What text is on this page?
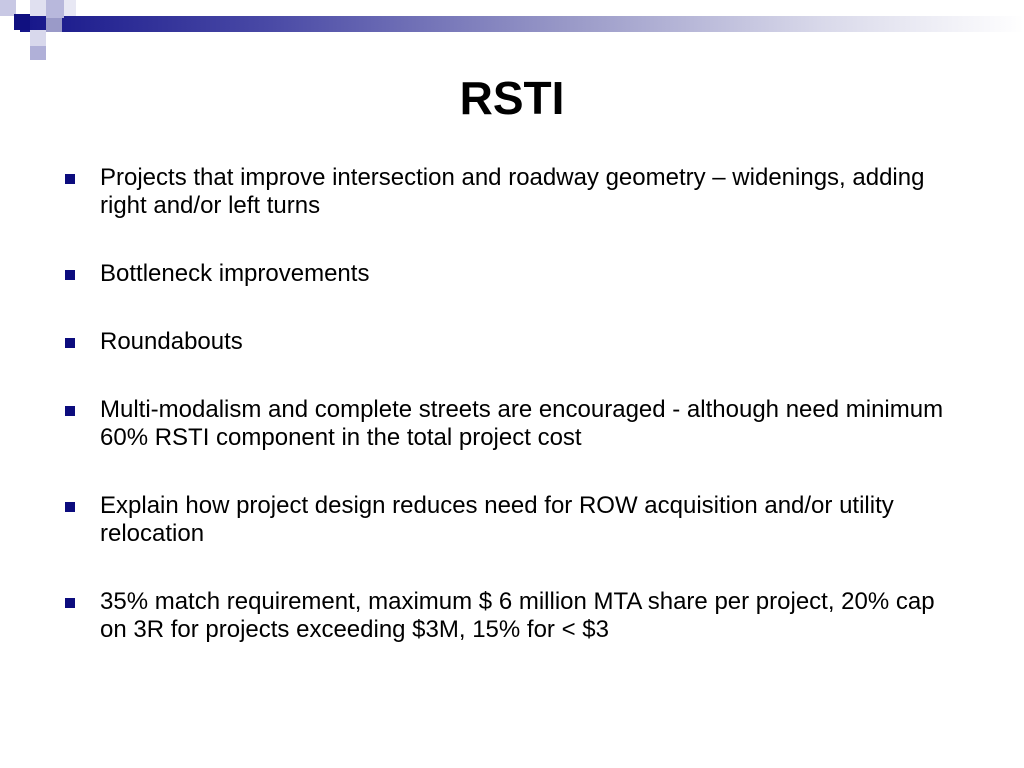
RSTI
Projects that improve intersection and roadway geometry – widenings, adding right and/or left turns
Bottleneck improvements
Roundabouts
Multi-modalism and complete streets are encouraged - although need minimum 60% RSTI component in the total project cost
Explain how project design reduces need for ROW acquisition and/or utility relocation
35% match requirement, maximum $ 6 million MTA share per project, 20% cap on 3R for projects exceeding $3M, 15% for < $3
